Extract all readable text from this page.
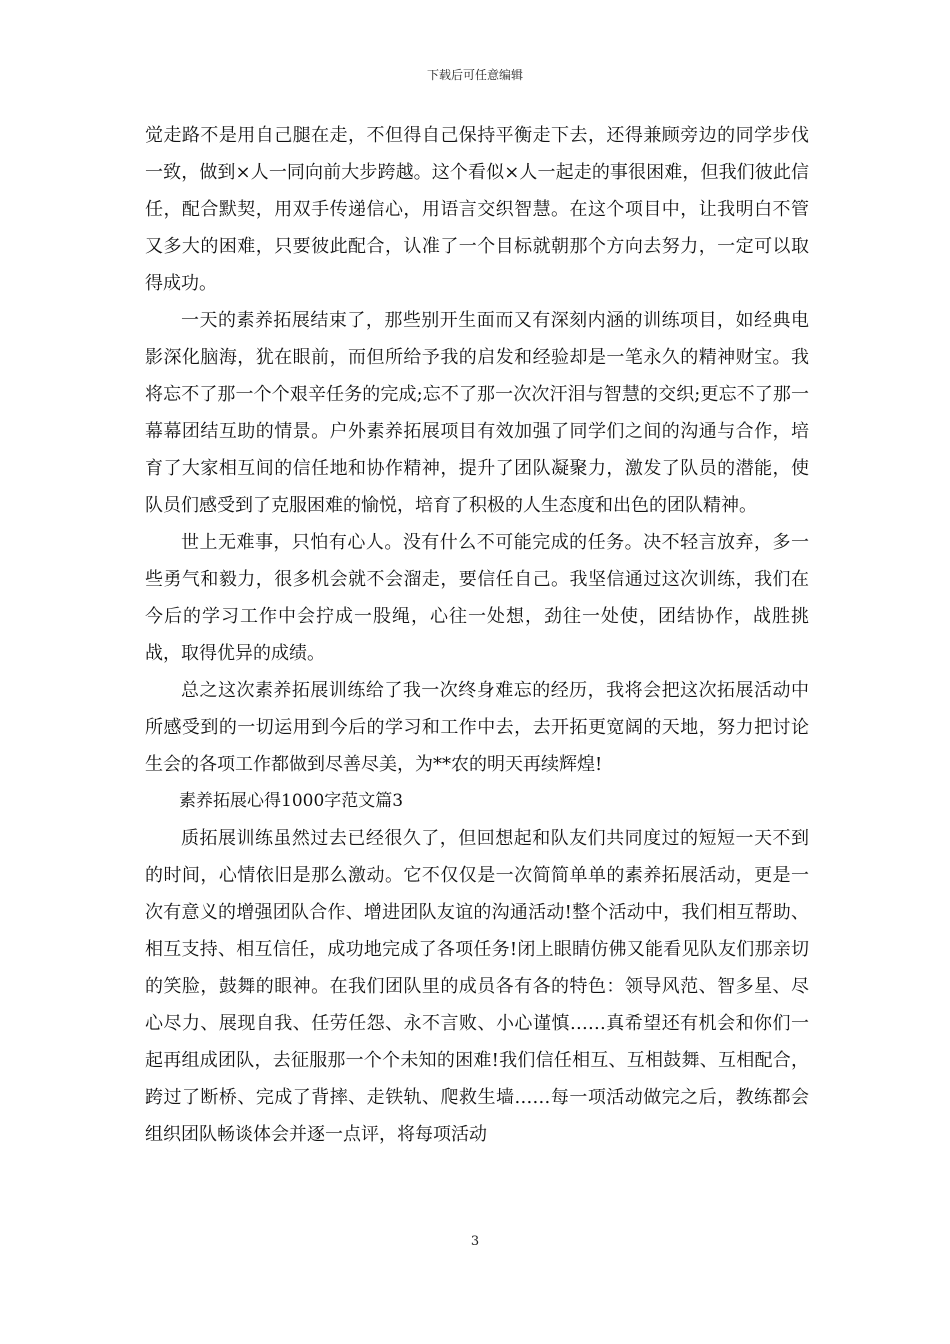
下载后可任意编辑

觉走路不是用自己腿在走，不但得自己保持平衡走下去，还得兼顾旁边的同学步伐一致，做到×人一同向前大步跨越。这个看似×人一起走的事很困难，但我们彼此信任，配合默契，用双手传递信心，用语言交织智慧。在这个项目中，让我明白不管又多大的困难，只要彼此配合，认准了一个目标就朝那个方向去努力，一定可以取得成功。

一天的素养拓展结束了，那些别开生面而又有深刻内涵的训练项目，如经典电影深化脑海，犹在眼前，而但所给予我的启发和经验却是一笔永久的精神财宝。我将忘不了那一个个艰辛任务的完成;忘不了那一次次汗泪与智慧的交织;更忘不了那一幕幕团结互助的情景。户外素养拓展项目有效加强了同学们之间的沟通与合作，培育了大家相互间的信任地和协作精神，提升了团队凝聚力，激发了队员的潜能，使队员们感受到了克服困难的愉悦，培育了积极的人生态度和出色的团队精神。

世上无难事，只怕有心人。没有什么不可能完成的任务。决不轻言放弃，多一些勇气和毅力，很多机会就不会溜走，要信任自己。我坚信通过这次训练，我们在今后的学习工作中会拧成一股绳，心往一处想，劲往一处使，团结协作，战胜挑战，取得优异的成绩。

总之这次素养拓展训练给了我一次终身难忘的经历，我将会把这次拓展活动中所感受到的一切运用到今后的学习和工作中去，去开拓更宽阔的天地，努力把讨论生会的各项工作都做到尽善尽美，为**农的明天再续辉煌!

素养拓展心得1000字范文篇3

质拓展训练虽然过去已经很久了，但回想起和队友们共同度过的短短一天不到的时间，心情依旧是那么激动。它不仅仅是一次简简单单的素养拓展活动，更是一次有意义的增强团队合作、增进团队友谊的沟通活动!整个活动中，我们相互帮助、相互支持、相互信任，成功地完成了各项任务!闭上眼睛仿佛又能看见队友们那亲切的笑脸，鼓舞的眼神。在我们团队里的成员各有各的特色：领导风范、智多星、尽心尽力、展现自我、任劳任怨、永不言败、小心谨慎……真希望还有机会和你们一起再组成团队，去征服那一个个未知的困难!我们信任相互、互相鼓舞、互相配合，跨过了断桥、完成了背摔、走铁轨、爬救生墙……每一项活动做完之后，教练都会组织团队畅谈体会并逐一点评，将每项活动

3
